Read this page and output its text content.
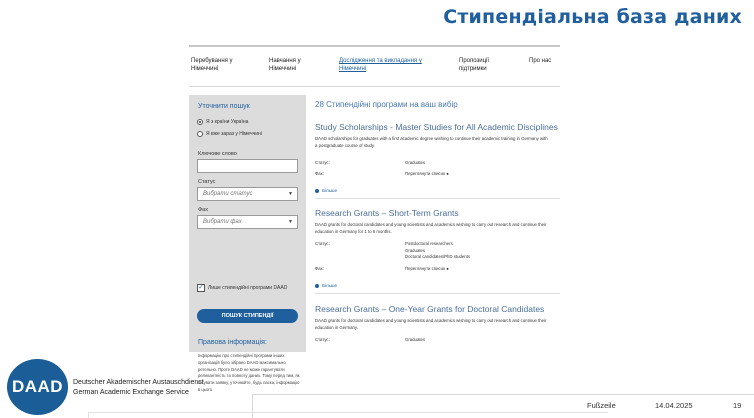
Стипендіальна база даних
Перебування у Німеччині
Навчання у Німеччині
Дослідження та викладання у Німеччині
Пропозиції підтримки
Про нас
Уточнити пошук
Я з країни Україна
Я вже зараз у Німеччині
Ключове слово
Статус
Вибрати статус	▼
Фах
Вибрати фах	▼
✓ Лише стипендійні програми DAAD
ПОШУК СТИПЕНДІЇ
Правова інформація:
Інформацію про стипендійні програми інших організацій було зібрано DAAD максимально ретельно. Проте DAAD не може гарантувати релевантність та повноту даних. Тому перед тим, як готувати заявку, уточнюйте, будь ласка, інформацію в цього
28 Стипендійні програми на ваш вибір
Study Scholarships - Master Studies for All Academic Disciplines
DAAD scholarships for graduates with a first academic degree wishing to continue their academic training in Germany with a postgraduate course of study.
Статус:	Graduates
Фах:	Переглянути список ●
Більше
Research Grants – Short-Term Grants
DAAD grants for doctoral candidates and young scientists and academics wishing to carry out research and continue their education in Germany for 1 to 6 months.
Статус:	Postdoctoral researchers
Graduates
Doctoral candidates/PhD students
Фах:	Переглянути список ●
Більше
Research Grants – One-Year Grants for Doctoral Candidates
DAAD grants for doctoral candidates and young scientists and academics wishing to carry out research and continue their education in Germany.
Статус:	Graduates
DAAD	Deutscher Akademischer Austauschdienst
German Academic Exchange Service
Fußzeile	14.04.2025	19
